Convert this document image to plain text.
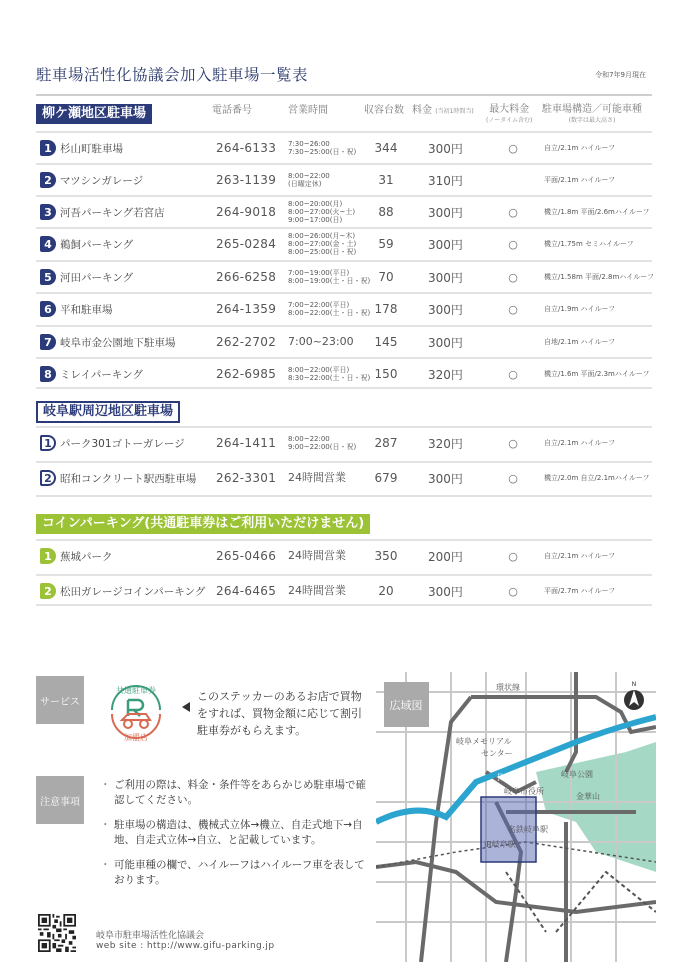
駐車場活性化協議会加入駐車場一覧表	令和7年9月現在
電話番号	営業時間	収容台数 料金 (当初1時間当)	最大料金
(ノータイム含む)
駐車場構造／可能車種
(数字は最大高さ)
柳ケ瀬地区駐車場
1 杉山町駐車場	264-6133 7:30~26:00
7:30~25:00(日・祝)	344	300円	○	自立/2.1m ハイルーフ
2 マツシンガレージ	263-1139 8:00~22:00
(日曜定休)	31	310円	平面/2.1m ハイルーフ
3 河吾パーキング若宮店	264-9018
8:00~20:00(月)
8:00~27:00(火~土)
9:00~17:00(日)
88	300円	○	機立/1.8m 平面/2.6mハイルーフ
4 鵜飼パーキング	265-0284
8:00~26:00(月~木)
8:00~27:00(金・土)
8:00~25:00(日・祝)
59	300円	○	機立/1.75m セミハイルーフ
5 河田パーキング	266-6258 7:00~19:00(平日)
8:00~19:00(土・日・祝) 70	300円	○	機立/1.58m 平面/2.8mハイルーフ
6 平和駐車場	264-1359 7:00~22:00(平日)
8:00~22:00(土・日・祝) 178	300円	○	自立/1.9m ハイルーフ
7 岐阜市金公園地下駐車場	262-2702 7:00~23:00	145	300円	自地/2.1m ハイルーフ
8 ミレイパーキング	262-6985 8:00~22:00(平日)
8:30~22:00(土・日・祝) 150	320円	○	機立/1.6m 平面/2.3mハイルーフ
1 パーク301ゴトーガレージ	264-1411 8:00~22:00
9:00~22:00(日・祝)	287	320円	○	自立/2.1m ハイルーフ
2 昭和コンクリート駅西駐車場 262-3301 24時間営業	679	300円	○	機立/2.0m 自立/2.1mハイルーフ
1 蕪城パーク	265-0466 24時間営業	350	200円	○	自立/2.1m ハイルーフ
2 松田ガレージコインパーキング 264-6465 24時間営業	20	300円	○	平面/2.7m ハイルーフ
岐阜駅周辺地区駐車場
コインパーキング(共通駐車券はご利用いただけません)
サービス
共通駐車券
加盟店
このステッカーのあるお店で買物をすれば、買物金額に応じて割引駐車券がもらえます。
注意事項
・ ご利用の際は、料金・条件等をあらかじめ駐車場で確認してください。
・ 駐車場の構造は、機械式立体→機立、自走式地下→自地、自走式立体→自立、と記載しています。
・ 可能車種の欄で、ハイルーフはハイルーフ車を表しております。
岐阜市駐車場活性化協議会
web site : http://www.gifu-parking.jp
広域図
環状線
岐阜メモリアル
センター
長良川	岐阜公園
金華山
岐阜市役所
名鉄岐阜駅
JR岐阜駅
N
